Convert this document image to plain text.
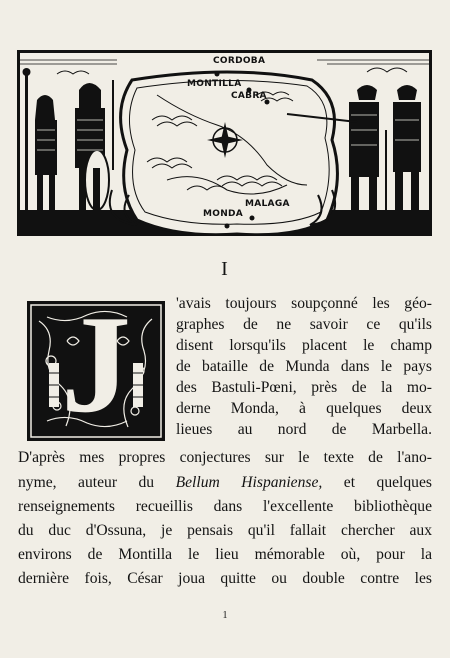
CORDOBA
MONTILLA
CABRA
MALAGA
MONDA
I
J	'avais toujours soupçonné les géo-
graphes de ne savoir ce qu'ils
disent lorsqu'ils placent le champ
de bataille de Munda dans le pays
des Bastuli-Pœni, près de la mo-
derne Monda, à quelques deux
lieues au nord de Marbella.
D'après mes propres conjectures sur le texte de l'ano-
nyme, auteur du Bellum Hispaniense, et quelques
renseignements recueillis dans l'excellente bibliothèque
du duc d'Ossuna, je pensais qu'il fallait chercher aux
environs de Montilla le lieu mémorable où, pour la
dernière fois, César joua quitte ou double contre les
1
